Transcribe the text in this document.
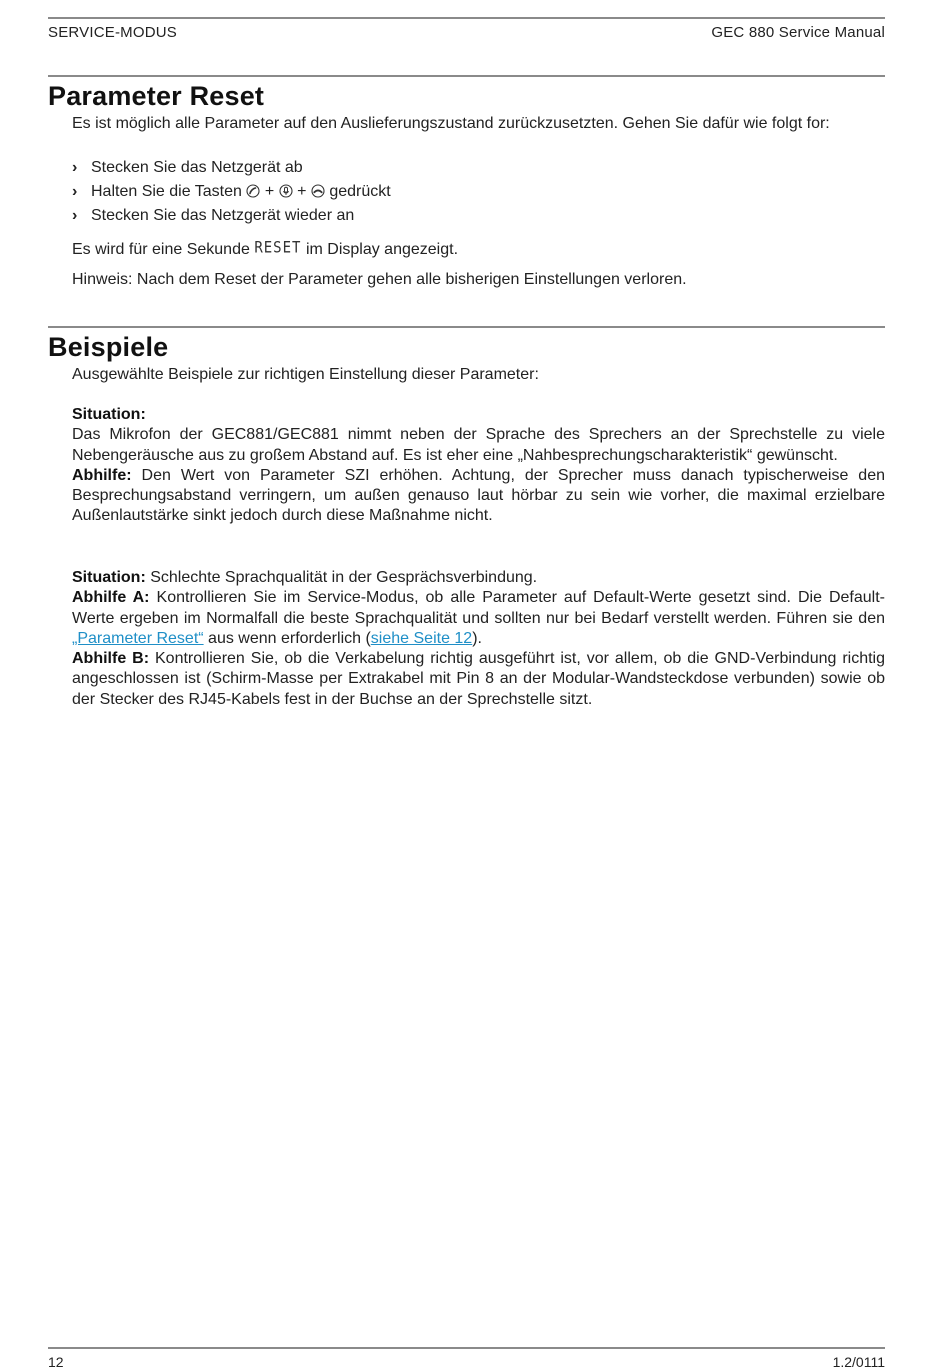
SERVICE-MODUS	GEC 880 Service Manual
Parameter Reset

Es ist möglich alle Parameter auf den Auslieferungszustand zurückzusetzten. Gehen Sie dafür wie folgt for:

› Stecken Sie das Netzgerät ab
› Halten Sie die Tasten + + gedrückt
› Stecken Sie das Netzgerät wieder an

Es wird für eine Sekunde RESET im Display angezeigt.

Hinweis: Nach dem Reset der Parameter gehen alle bisherigen Einstellungen verloren.

Beispiele

Ausgewählte Beispiele zur richtigen Einstellung dieser Parameter:

Situation:
Das Mikrofon der GEC881/GEC881 nimmt neben der Sprache des Sprechers an der Sprechstelle zu viele Nebengeräusche aus zu großem Abstand auf. Es ist eher eine „Nahbesprechungscharakteristik“ gewünscht.
Abhilfe: Den Wert von Parameter SZI erhöhen. Achtung, der Sprecher muss danach typischerweise den Besprechungsabstand verringern, um außen genauso laut hörbar zu sein wie vorher, die maximal erzielbare Außenlautstärke sinkt jedoch durch diese Maßnahme nicht.

Situation: Schlechte Sprachqualität in der Gesprächsverbindung.
Abhilfe A: Kontrollieren Sie im Service-Modus, ob alle Parameter auf Default-Werte gesetzt sind. Die Default-Werte ergeben im Normalfall die beste Sprachqualität und sollten nur bei Bedarf verstellt werden. Führen sie den „Parameter Reset“ aus wenn erforderlich (siehe Seite 12).
Abhilfe B: Kontrollieren Sie, ob die Verkabelung richtig ausgeführt ist, vor allem, ob die GND-Verbindung richtig angeschlossen ist (Schirm-Masse per Extrakabel mit Pin 8 an der Modular-Wandsteckdose verbunden) sowie ob der Stecker des RJ45-Kabels fest in der Buchse an der Sprechstelle sitzt.

12	1.2/0111
